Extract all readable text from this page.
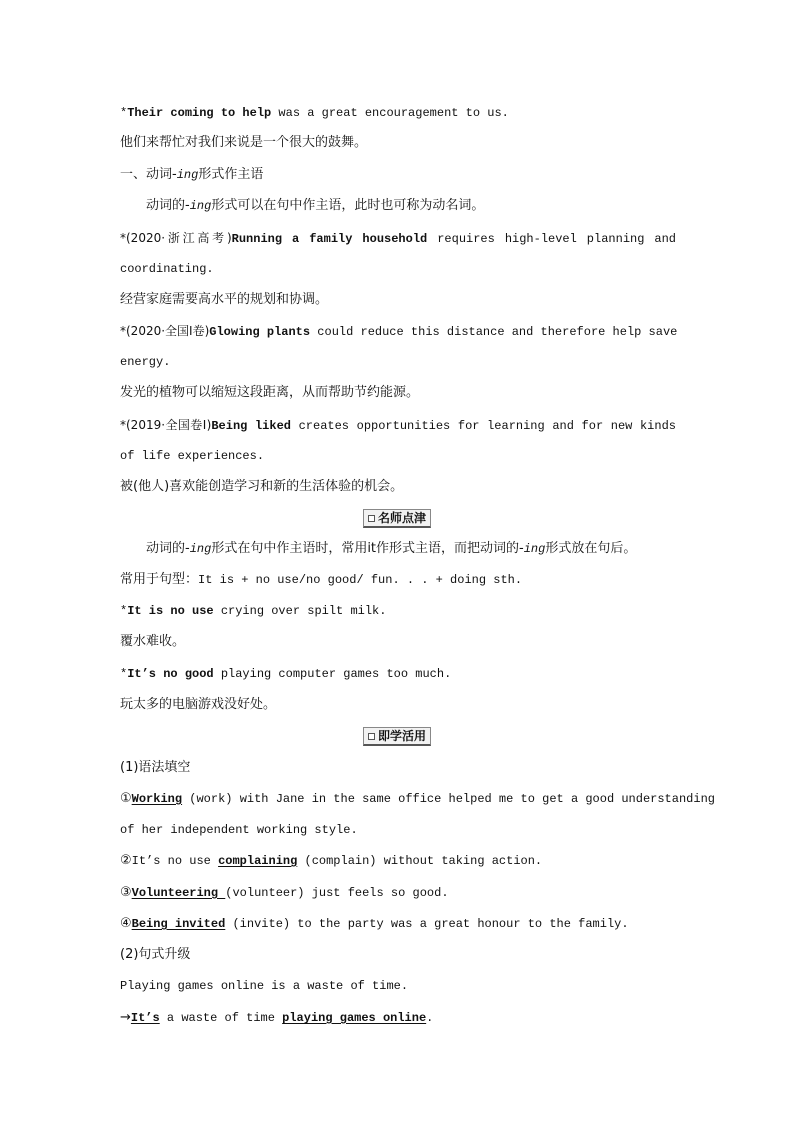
*Their coming to help was a great encouragement to us.
他们来帮忙对我们来说是一个很大的鼓舞。
一、动词-ing形式作主语
动词的-ing形式可以在句中作主语，此时也可称为动名词。
*(2020·浙江高考)Running a family household requires high-level planning and
coordinating.
经营家庭需要高水平的规划和协调。
*(2020·全国Ⅰ卷)Glowing plants could reduce this distance and therefore help save
energy.
发光的植物可以缩短这段距离，从而帮助节约能源。
*(2019·全国卷Ⅰ)Being liked creates opportunities for learning and for new kinds
of life experiences.
被(他人)喜欢能创造学习和新的生活体验的机会。
名师点津
动词的-ing形式在句中作主语时，常用it作形式主语，而把动词的-ing形式放在句后。
常用于句型：It is + no use/no good/ fun. . . + doing sth.
*It is no use crying over spilt milk.
覆水难收。
*It’s no good playing computer games too much.
玩太多的电脑游戏没好处。
即学活用
(1)语法填空
①Working (work) with Jane in the same office helped me to get a good understanding
of her independent working style.
②It’s no use complaining (complain) without taking action.
③Volunteering (volunteer) just feels so good.
④Being invited (invite) to the party was a great honour to the family.
(2)句式升级
Playing games online is a waste of time.
→It’s a waste of time playing games online.
